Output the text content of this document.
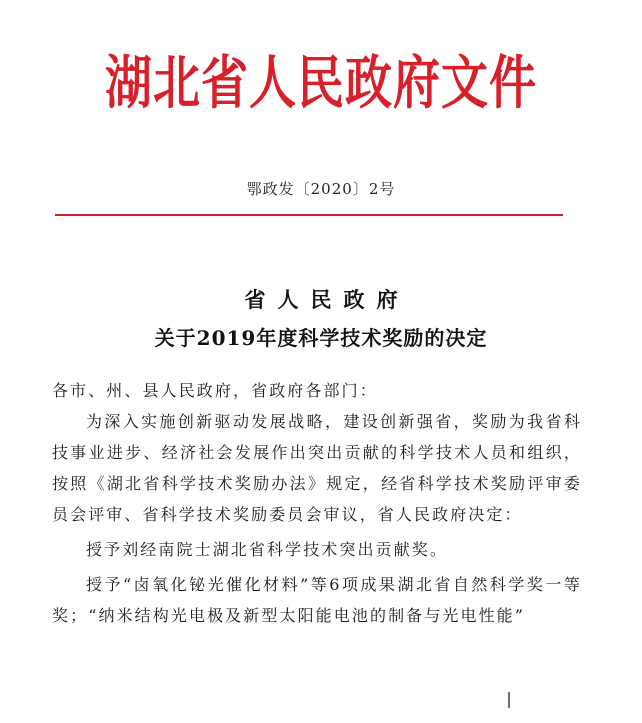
湖北省人民政府文件
鄂政发〔2020〕2号
省人民政府
关于2019年度科学技术奖励的决定

各市、州、县人民政府，省政府各部门：

为深入实施创新驱动发展战略，建设创新强省，奖励为我省科技事业进步、经济社会发展作出突出贡献的科学技术人员和组织，按照《湖北省科学技术奖励办法》规定，经省科学技术奖励评审委员会评审、省科学技术奖励委员会审议，省人民政府决定：

授予刘经南院士湖北省科学技术突出贡献奖。

授予“卤氧化铋光催化材料”等6项成果湖北省自然科学奖一等奖；“纳米结构光电极及新型太阳能电池的制备与光电性能”
